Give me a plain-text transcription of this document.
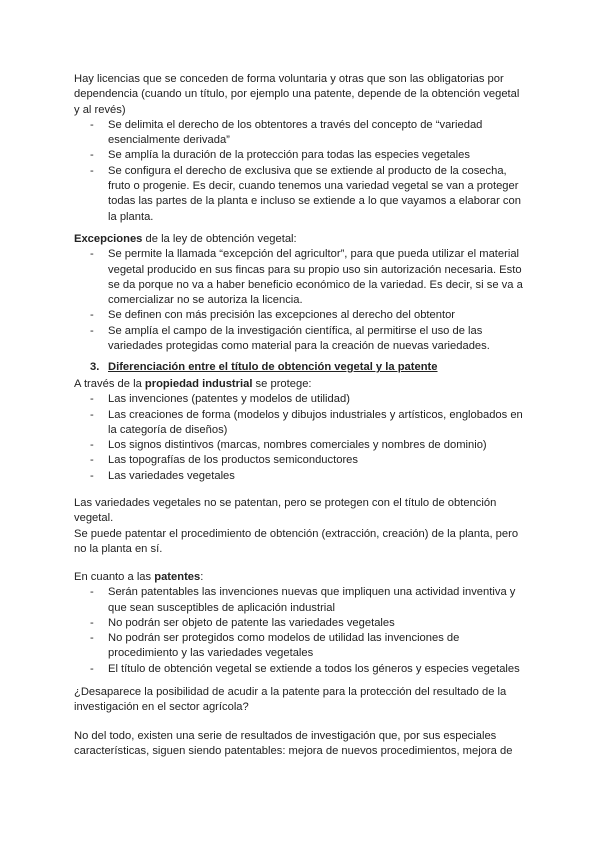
Hay licencias que se conceden de forma voluntaria y otras que son las obligatorias por dependencia (cuando un título, por ejemplo una patente, depende de la obtención vegetal y al revés)

- Se delimita el derecho de los obtentores a través del concepto de “variedad esencialmente derivada”
- Se amplía la duración de la protección para todas las especies vegetales
- Se configura el derecho de exclusiva que se extiende al producto de la cosecha, fruto o progenie. Es decir, cuando tenemos una variedad vegetal se van a proteger todas las partes de la planta e incluso se extiende a lo que vayamos a elaborar con la planta.

Excepciones de la ley de obtención vegetal:

- Se permite la llamada “excepción del agricultor”, para que pueda utilizar el material vegetal producido en sus fincas para su propio uso sin autorización necesaria. Esto se da porque no va a haber beneficio económico de la variedad. Es decir, si se va a comercializar no se autoriza la licencia.
- Se definen con más precisión las excepciones al derecho del obtentor
- Se amplía el campo de la investigación científica, al permitirse el uso de las variedades protegidas como material para la creación de nuevas variedades.
3. Diferenciación entre el título de obtención vegetal y la patente

A través de la propiedad industrial se protege:

- Las invenciones (patentes y modelos de utilidad)
- Las creaciones de forma (modelos y dibujos industriales y artísticos, englobados en la categoría de diseños)
- Los signos distintivos (marcas, nombres comerciales y nombres de dominio)
- Las topografías de los productos semiconductores
- Las variedades vegetales

Las variedades vegetales no se patentan, pero se protegen con el título de obtención vegetal.

Se puede patentar el procedimiento de obtención (extracción, creación) de la planta, pero no la planta en sí.

En cuanto a las patentes:

- Serán patentables las invenciones nuevas que impliquen una actividad inventiva y que sean susceptibles de aplicación industrial
- No podrán ser objeto de patente las variedades vegetales
- No podrán ser protegidos como modelos de utilidad las invenciones de procedimiento y las variedades vegetales
- El título de obtención vegetal se extiende a todos los géneros y especies vegetales

¿Desaparece la posibilidad de acudir a la patente para la protección del resultado de la investigación en el sector agrícola?

No del todo, existen una serie de resultados de investigación que, por sus especiales características, siguen siendo patentables: mejora de nuevos procedimientos, mejora de
